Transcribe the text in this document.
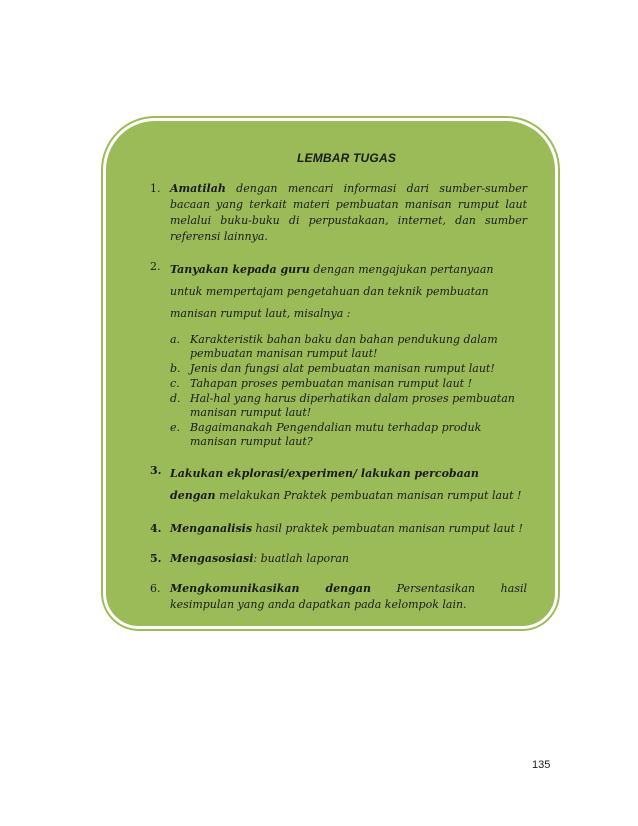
LEMBAR TUGAS
1. Amatilah dengan mencari informasi dari sumber-sumber bacaan yang terkait materi pembuatan manisan rumput laut melalui buku-buku di perpustakaan, internet, dan sumber referensi lainnya.
2. Tanyakan kepada guru dengan mengajukan pertanyaan untuk mempertajam pengetahuan dan teknik pembuatan manisan rumput laut, misalnya :
a. Karakteristik bahan baku dan bahan pendukung dalam pembuatan manisan rumput laut!
b. Jenis dan fungsi alat pembuatan manisan rumput laut!
c. Tahapan proses pembuatan manisan rumput laut !
d. Hal-hal yang harus diperhatikan dalam proses pembuatan manisan rumput laut!
e. Bagaimanakah Pengendalian mutu terhadap produk manisan rumput laut?
3. Lakukan ekplorasi/experimen/ lakukan percobaan dengan melakukan Praktek pembuatan manisan rumput laut !
4. Menganalisis hasil praktek pembuatan manisan rumput laut !
5. Mengasosiasi: buatlah laporan
6. Mengkomunikasikan dengan Persentasikan hasil kesimpulan yang anda dapatkan pada kelompok lain.
135
